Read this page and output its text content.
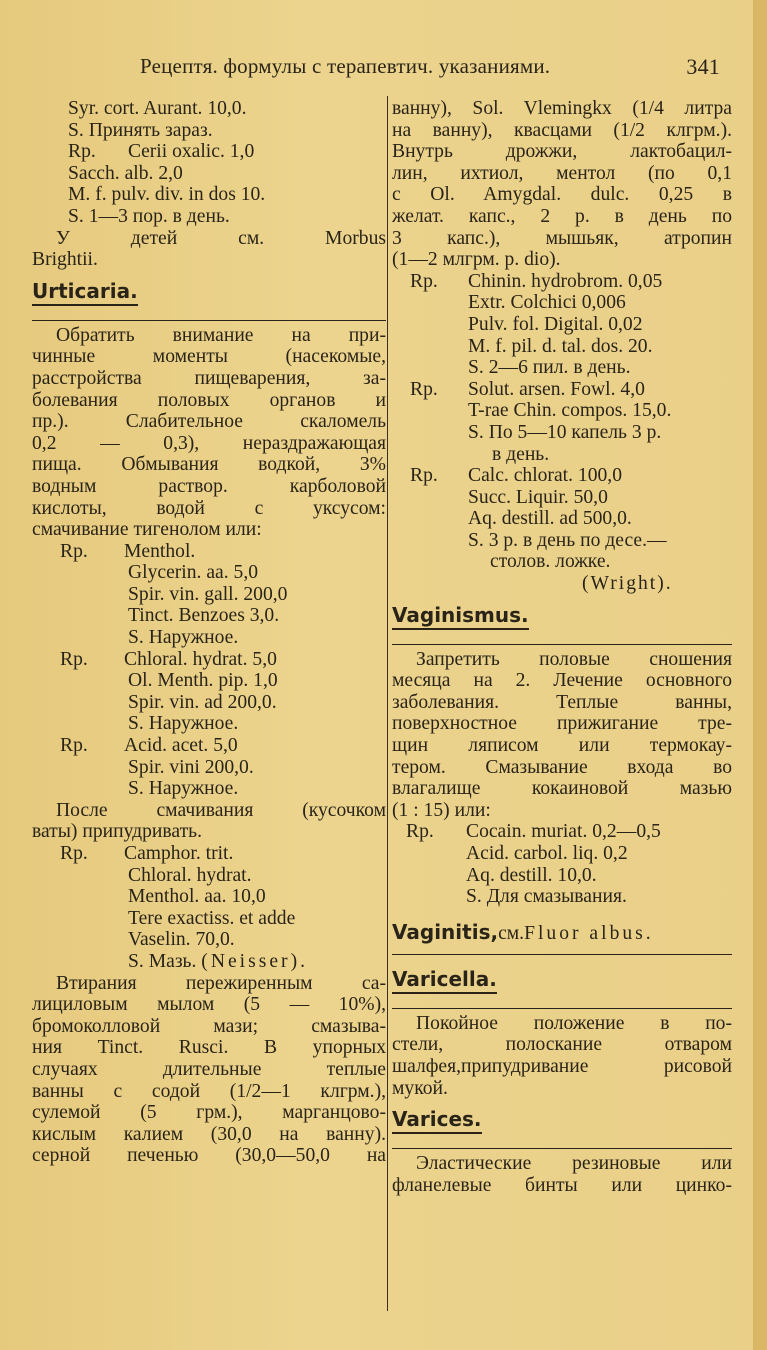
Рецептя. формулы с терапевтич. указаниями.	341
Syr. cort. Aurant. 10,0.
S. Принять зараз.
Rp. Cerii oxalic. 1,0
Sacch. alb. 2,0
M. f. pulv. div. in dos 10.
S. 1—3 пор. в день.
У детей см. Morbus
Brightii.
Urticaria.
Обратить внимание на при-
чинные моменты (насекомые,
расстройства пищеварения, за-
болевания половых органов и
пр.). Слабительное скаломель
0,2 — 0,3), нераздражающая
пища. Обмывания водкой, 3%
водным раствор. карболовой
кислоты, водой с уксусом:
смачивание тигенолом или:
Rp. Menthol.
Glycerin. aa. 5,0
Spir. vin. gall. 200,0
Tinct. Benzoes 3,0.
S. Наружное.
Rp. Chloral. hydrat. 5,0
Ol. Menth. pip. 1,0
Spir. vin. ad 200,0.
S. Наружное.
Rp. Acid. acet. 5,0
Spir. vini 200,0.
S. Наружное.
После смачивания (кусочком
ваты) припудривать.
Rp. Camphor. trit.
Chloral. hydrat.
Menthol. aa. 10,0
Tere exactiss. et adde
Vaselin. 70,0.
S. Мазь. (Neisser).
Втирания пережиренным са-
лициловым мылом (5 — 10%),
бромоколловой мази; смазыва-
ния Tinct. Rusci. В упорных
случаях длительные теплые
ванны с содой (1/2—1 клгрм.),
сулемой (5 грм.), марганцово-
кислым калием (30,0 на ванну).
серной печенью (30,0—50,0 на
ванну), Sol. Vlemingkx (1/4 литра
на ванну), квасцами (1/2 клгрм.).
Внутрь дрожжи, лактобацил-
лин, ихтиол, ментол (по 0,1
с Ol. Amygdal. dulc. 0,25 в
желат. капс., 2 р. в день по
3 капс.), мышьяк, атропин
(1—2 млгрм. р. dio).
Rp. Chinin. hydrobrom. 0,05
Extr. Colchici 0,006
Pulv. fol. Digital. 0,02
M. f. pil. d. tal. dos. 20.
S. 2—6 пил. в день.
Rp. Solut. arsen. Fowl. 4,0
T-rae Chin. compos. 15,0.
S. По 5—10 капель 3 р.
в день.
Rp. Calc. chlorat. 100,0
Succ. Liquir. 50,0
Aq. destill. ad 500,0.
S. 3 р. в день по десе.—
столов. ложке.
(Wright).
Vaginismus.
Запретить половые сношения
месяца на 2. Лечение основного
заболевания. Теплые ванны,
поверхностное прижигание тре-
щин ляписом или термокау-
тером. Смазывание входа во
влагалище кокаиновой мазью
(1 : 15) или:
Rp. Cocain. muriat. 0,2—0,5
Acid. carbol. liq. 0,2
Aq. destill. 10,0.
S. Для смазывания.
Vaginitis,см.Fluor albus.
Varicella.
Покойное положение в по-
стели, полоскание отваром
шалфея,припудривание рисовой
мукой.
Varices.
Эластические резиновые или
фланелевые бинты или цинко-
